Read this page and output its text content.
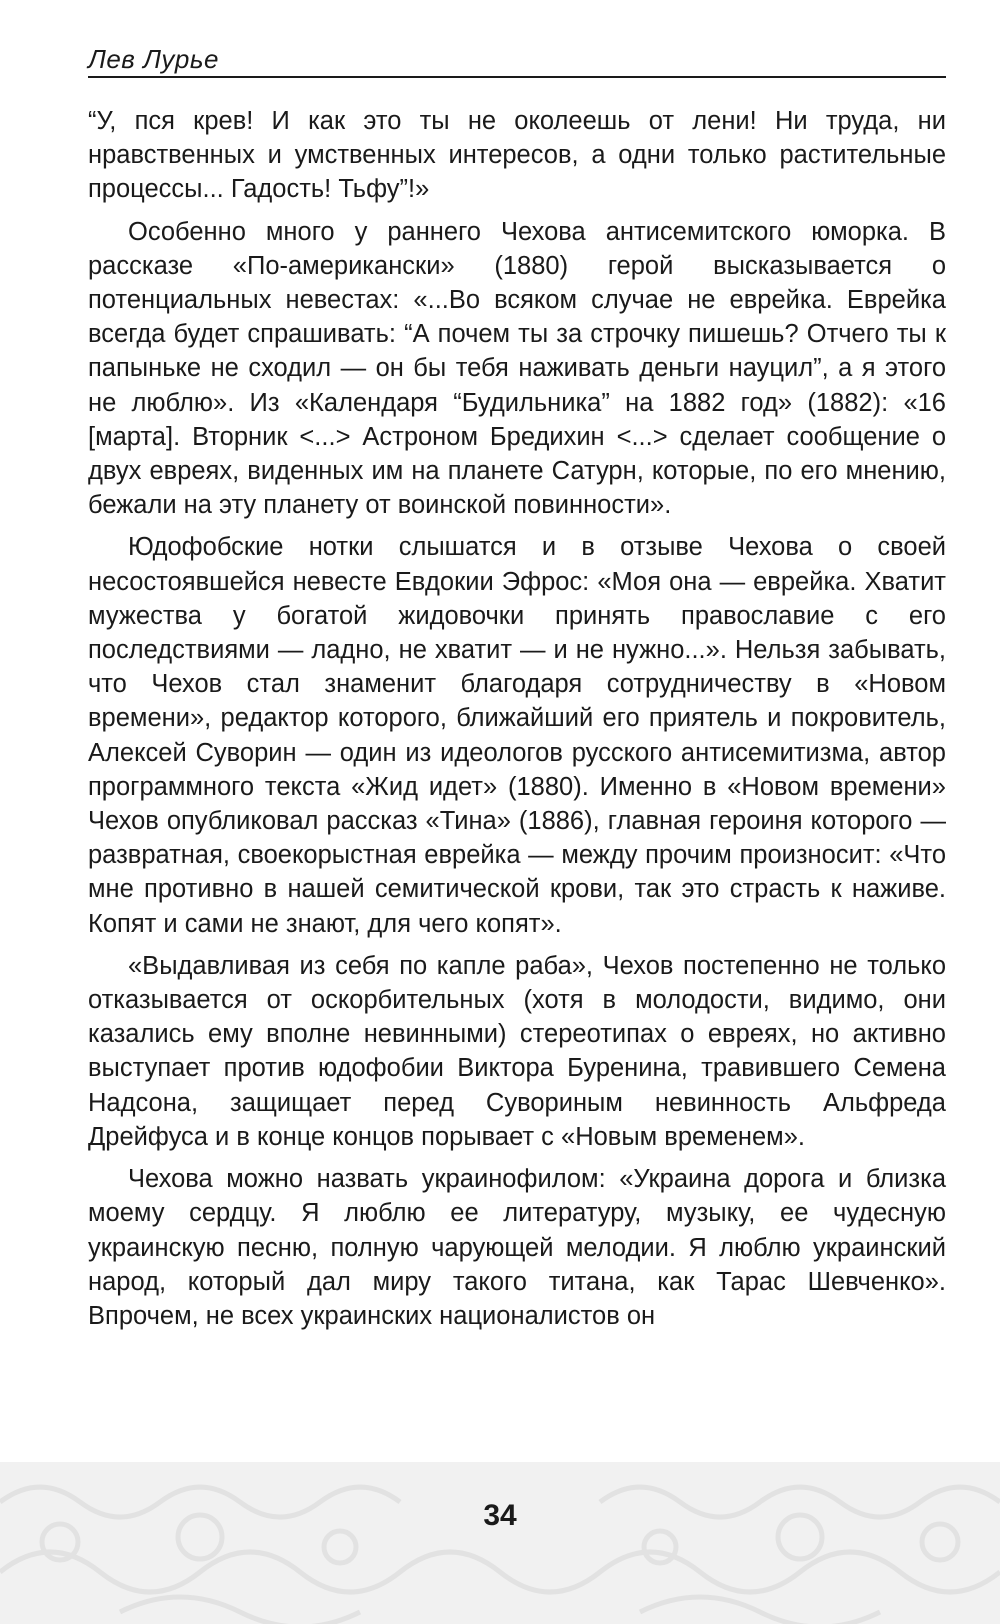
Лев Лурье

“У, пся крев! И как это ты не околеешь от лени! Ни труда, ни нравственных и умственных интересов, а одни только растительные процессы... Гадость! Тьфу”!»

Особенно много у раннего Чехова антисемитского юморка. В рассказе «По-американски» (1880) герой высказывается о потенциальных невестах: «...Во всяком случае не еврейка. Еврейка всегда будет спрашивать: “А почем ты за строчку пишешь? Отчего ты к папыньке не сходил — он бы тебя наживать деньги науцил”, а я этого не люблю». Из «Календаря “Будильника” на 1882 год» (1882): «16 [марта]. Вторник <...> Астроном Бредихин <...> сделает сообщение о двух евреях, виденных им на планете Сатурн, которые, по его мнению, бежали на эту планету от воинской повинности».

Юдофобские нотки слышатся и в отзыве Чехова о своей несостоявшейся невесте Евдокии Эфрос: «Моя она — еврейка. Хватит мужества у богатой жидовочки принять православие с его последствиями — ладно, не хватит — и не нужно...». Нельзя забывать, что Чехов стал знаменит благодаря сотрудничеству в «Новом времени», редактор которого, ближайший его приятель и покровитель, Алексей Суворин — один из идеологов русского антисемитизма, автор программного текста «Жид идет» (1880). Именно в «Новом времени» Чехов опубликовал рассказ «Тина» (1886), главная героиня которого — развратная, своекорыстная еврейка — между прочим произносит: «Что мне противно в нашей семитической крови, так это страсть к наживе. Копят и сами не знают, для чего копят».

«Выдавливая из себя по капле раба», Чехов постепенно не только отказывается от оскорбительных (хотя в молодости, видимо, они казались ему вполне невинными) стереотипах о евреях, но активно выступает против юдофобии Виктора Буренина, травившего Семена Надсона, защищает перед Сувориным невинность Альфреда Дрейфуса и в конце концов порывает с «Новым временем».

Чехова можно назвать украинофилом: «Украина дорога и близка моему сердцу. Я люблю ее литературу, музыку, ее чудесную украинскую песню, полную чарующей мелодии. Я люблю украинский народ, который дал миру такого титана, как Тарас Шевченко». Впрочем, не всех украинских националистов он

34
